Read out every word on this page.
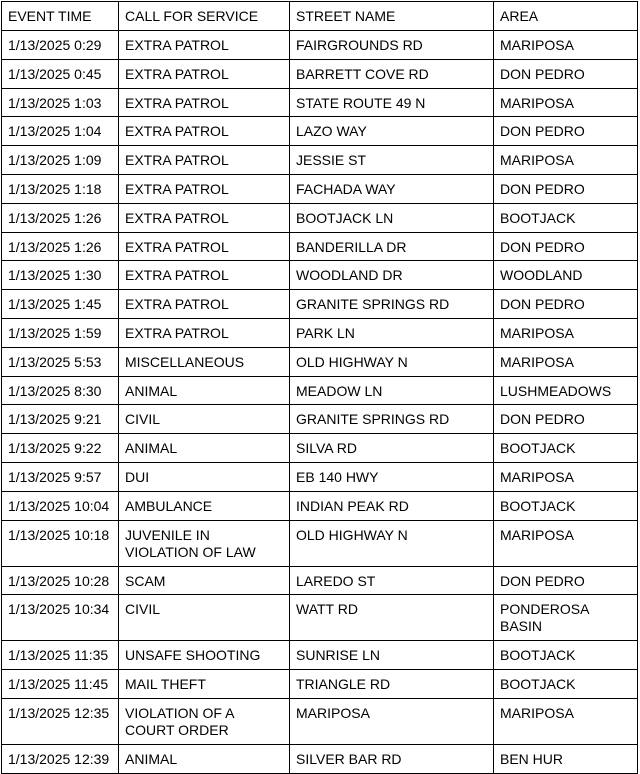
EVENT TIME	CALL FOR SERVICE	STREET NAME	AREA
1/13/2025 0:29	EXTRA PATROL	FAIRGROUNDS RD	MARIPOSA
1/13/2025 0:45	EXTRA PATROL	BARRETT COVE RD	DON PEDRO
1/13/2025 1:03	EXTRA PATROL	STATE ROUTE 49 N	MARIPOSA
1/13/2025 1:04	EXTRA PATROL	LAZO WAY	DON PEDRO
1/13/2025 1:09	EXTRA PATROL	JESSIE ST	MARIPOSA
1/13/2025 1:18	EXTRA PATROL	FACHADA WAY	DON PEDRO
1/13/2025 1:26	EXTRA PATROL	BOOTJACK LN	BOOTJACK
1/13/2025 1:26	EXTRA PATROL	BANDERILLA DR	DON PEDRO
1/13/2025 1:30	EXTRA PATROL	WOODLAND DR	WOODLAND
1/13/2025 1:45	EXTRA PATROL	GRANITE SPRINGS RD	DON PEDRO
1/13/2025 1:59	EXTRA PATROL	PARK LN	MARIPOSA
1/13/2025 5:53	MISCELLANEOUS	OLD HIGHWAY N	MARIPOSA
1/13/2025 8:30	ANIMAL	MEADOW LN	LUSHMEADOWS
1/13/2025 9:21	CIVIL	GRANITE SPRINGS RD	DON PEDRO
1/13/2025 9:22	ANIMAL	SILVA RD	BOOTJACK
1/13/2025 9:57	DUI	EB 140 HWY	MARIPOSA
1/13/2025 10:04	AMBULANCE	INDIAN PEAK RD	BOOTJACK
1/13/2025 10:18	JUVENILE IN VIOLATION OF LAW	OLD HIGHWAY N	MARIPOSA
1/13/2025 10:28	SCAM	LAREDO ST	DON PEDRO
1/13/2025 10:34	CIVIL	WATT RD	PONDEROSA BASIN
1/13/2025 11:35	UNSAFE SHOOTING	SUNRISE LN	BOOTJACK
1/13/2025 11:45	MAIL THEFT	TRIANGLE RD	BOOTJACK
1/13/2025 12:35	VIOLATION OF A COURT ORDER	MARIPOSA	MARIPOSA
1/13/2025 12:39	ANIMAL	SILVER BAR RD	BEN HUR
